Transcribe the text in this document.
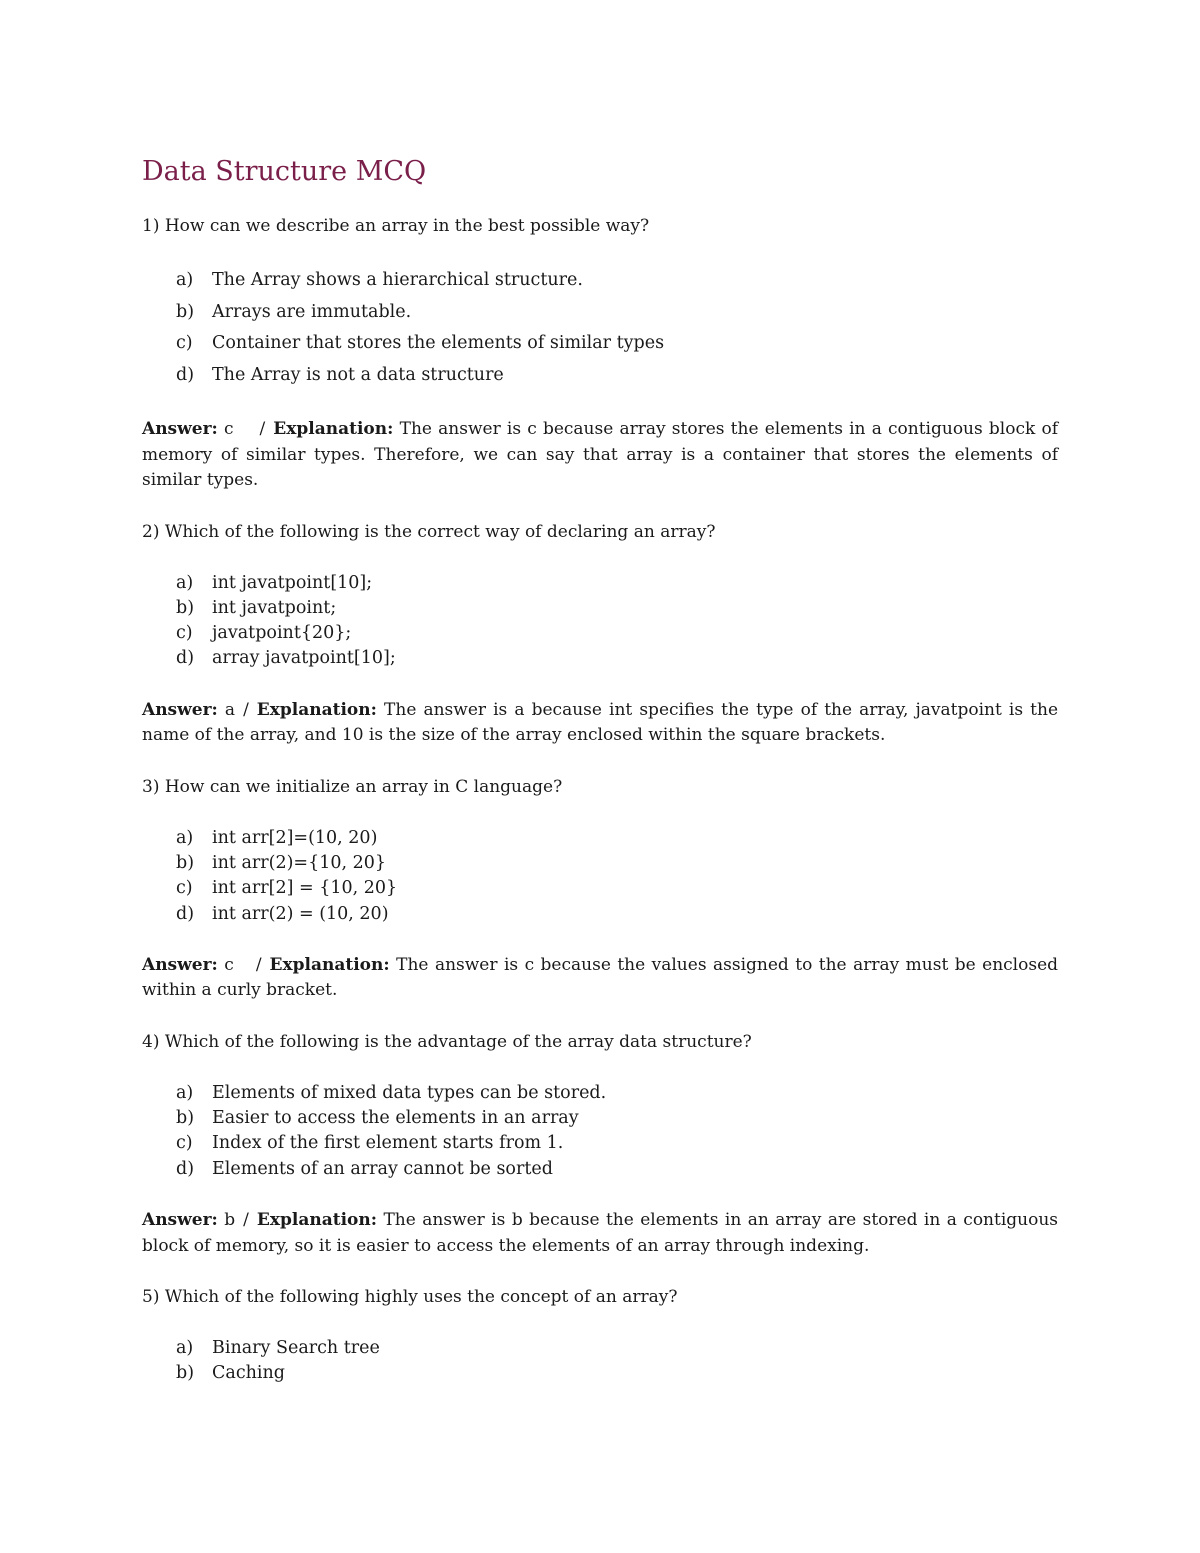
Data Structure MCQ

1) How can we describe an array in the best possible way?

a)	The Array shows a hierarchical structure.
b)	Arrays are immutable.
c)	Container that stores the elements of similar types
d)	The Array is not a data structure

Answer: c / Explanation: The answer is c because array stores the elements in a contiguous block of memory of similar types. Therefore, we can say that array is a container that stores the elements of similar types.

2) Which of the following is the correct way of declaring an array?

a)	int javatpoint[10];
b)	int javatpoint;
c)	javatpoint{20};
d)	array javatpoint[10];

Answer: a / Explanation: The answer is a because int specifies the type of the array, javatpoint is the name of the array, and 10 is the size of the array enclosed within the square brackets.

3) How can we initialize an array in C language?

a)	int arr[2]=(10, 20)
b)	int arr(2)={10, 20}
c)	int arr[2] = {10, 20}
d)	int arr(2) = (10, 20)

Answer: c / Explanation: The answer is c because the values assigned to the array must be enclosed within a curly bracket.

4) Which of the following is the advantage of the array data structure?

a)	Elements of mixed data types can be stored.
b)	Easier to access the elements in an array
c)	Index of the first element starts from 1.
d)	Elements of an array cannot be sorted

Answer: b / Explanation: The answer is b because the elements in an array are stored in a contiguous block of memory, so it is easier to access the elements of an array through indexing.

5) Which of the following highly uses the concept of an array?

a)	Binary Search tree
b)	Caching
